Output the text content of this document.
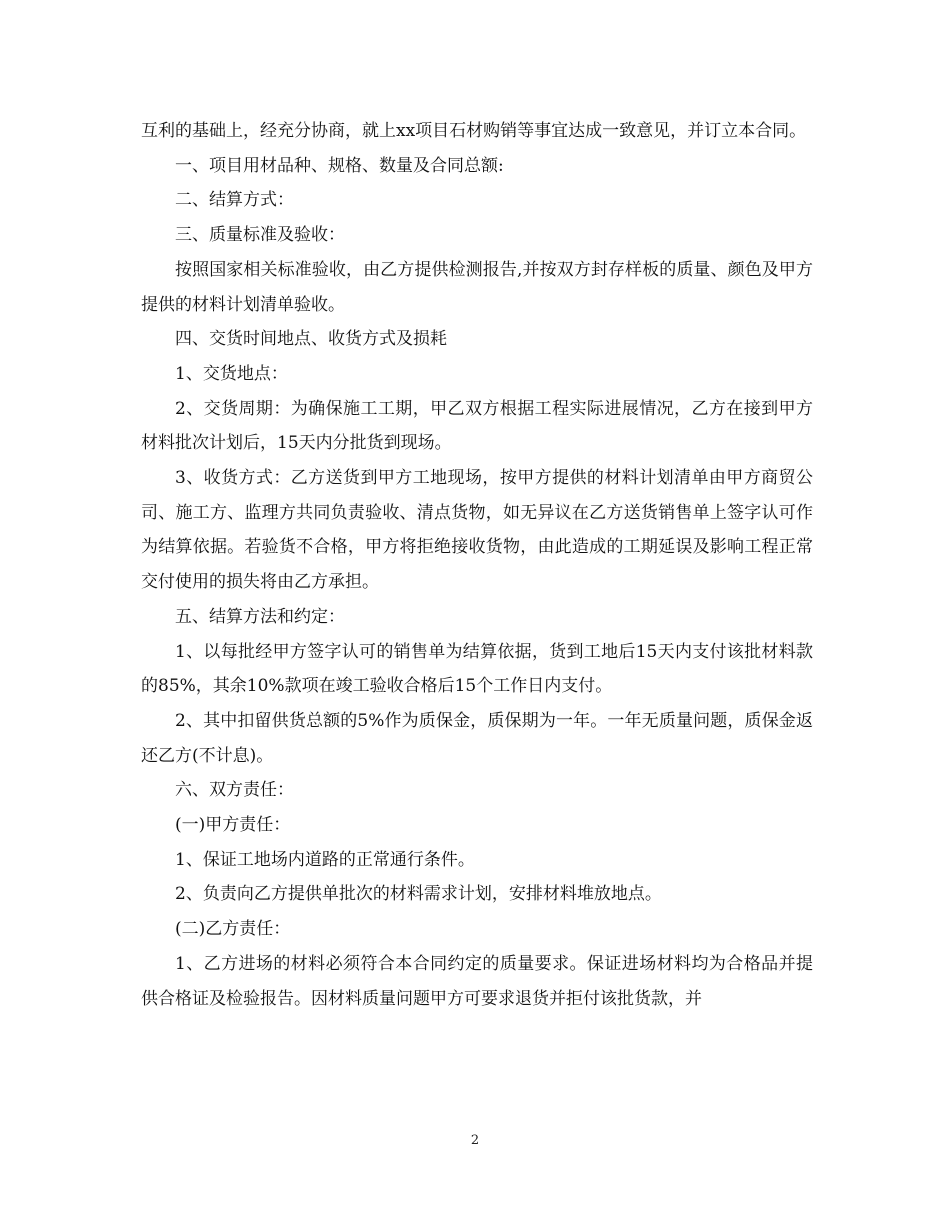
互利的基础上，经充分协商，就上xx项目石材购销等事宜达成一致意见，并订立本合同。

一、项目用材品种、规格、数量及合同总额:

二、结算方式：

三、质量标准及验收：

按照国家相关标准验收，由乙方提供检测报告,并按双方封存样板的质量、颜色及甲方提供的材料计划清单验收。

四、交货时间地点、收货方式及损耗

1、交货地点：

2、交货周期：为确保施工工期，甲乙双方根据工程实际进展情况，乙方在接到甲方材料批次计划后，15天内分批货到现场。

3、收货方式：乙方送货到甲方工地现场，按甲方提供的材料计划清单由甲方商贸公司、施工方、监理方共同负责验收、清点货物，如无异议在乙方送货销售单上签字认可作为结算依据。若验货不合格，甲方将拒绝接收货物，由此造成的工期延误及影响工程正常交付使用的损失将由乙方承担。

五、结算方法和约定：

1、以每批经甲方签字认可的销售单为结算依据，货到工地后15天内支付该批材料款的85%，其余10%款项在竣工验收合格后15个工作日内支付。

2、其中扣留供货总额的5%作为质保金，质保期为一年。一年无质量问题，质保金返还乙方(不计息)。

六、双方责任：

(一)甲方责任：

1、保证工地场内道路的正常通行条件。

2、负责向乙方提供单批次的材料需求计划，安排材料堆放地点。

(二)乙方责任：

1、乙方进场的材料必须符合本合同约定的质量要求。保证进场材料均为合格品并提供合格证及检验报告。因材料质量问题甲方可要求退货并拒付该批货款，并

2
